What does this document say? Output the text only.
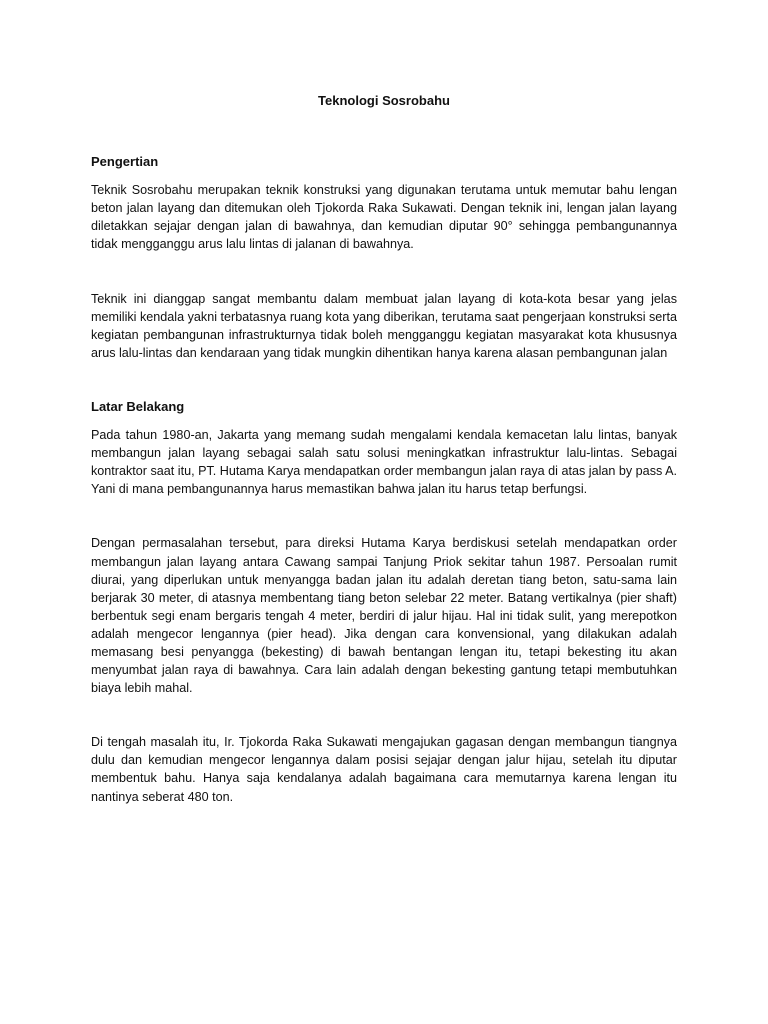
Teknologi Sosrobahu
Pengertian

Teknik Sosrobahu merupakan teknik konstruksi yang digunakan terutama untuk memutar bahu lengan beton jalan layang dan ditemukan oleh Tjokorda Raka Sukawati. Dengan teknik ini, lengan jalan layang diletakkan sejajar dengan jalan di bawahnya, dan kemudian diputar 90° sehingga pembangunannya tidak mengganggu arus lalu lintas di jalanan di bawahnya.

Teknik ini dianggap sangat membantu dalam membuat jalan layang di kota-kota besar yang jelas memiliki kendala yakni terbatasnya ruang kota yang diberikan, terutama saat pengerjaan konstruksi serta kegiatan pembangunan infrastrukturnya tidak boleh mengganggu kegiatan masyarakat kota khususnya arus lalu-lintas dan kendaraan yang tidak mungkin dihentikan hanya karena alasan pembangunan jalan

Latar Belakang

Pada tahun 1980-an, Jakarta yang memang sudah mengalami kendala kemacetan lalu lintas, banyak membangun jalan layang sebagai salah satu solusi meningkatkan infrastruktur lalu-lintas. Sebagai kontraktor saat itu, PT. Hutama Karya mendapatkan order membangun jalan raya di atas jalan by pass A. Yani di mana pembangunannya harus memastikan bahwa jalan itu harus tetap berfungsi.

Dengan permasalahan tersebut, para direksi Hutama Karya berdiskusi setelah mendapatkan order membangun jalan layang antara Cawang sampai Tanjung Priok sekitar tahun 1987. Persoalan rumit diurai, yang diperlukan untuk menyangga badan jalan itu adalah deretan tiang beton, satu-sama lain berjarak 30 meter, di atasnya membentang tiang beton selebar 22 meter. Batang vertikalnya (pier shaft) berbentuk segi enam bergaris tengah 4 meter, berdiri di jalur hijau. Hal ini tidak sulit, yang merepotkon adalah mengecor lengannya (pier head). Jika dengan cara konvensional, yang dilakukan adalah memasang besi penyangga (bekesting) di bawah bentangan lengan itu, tetapi bekesting itu akan menyumbat jalan raya di bawahnya. Cara lain adalah dengan bekesting gantung tetapi membutuhkan biaya lebih mahal.

Di tengah masalah itu, Ir. Tjokorda Raka Sukawati mengajukan gagasan dengan membangun tiangnya dulu dan kemudian mengecor lengannya dalam posisi sejajar dengan jalur hijau, setelah itu diputar membentuk bahu. Hanya saja kendalanya adalah bagaimana cara memutarnya karena lengan itu nantinya seberat 480 ton.
